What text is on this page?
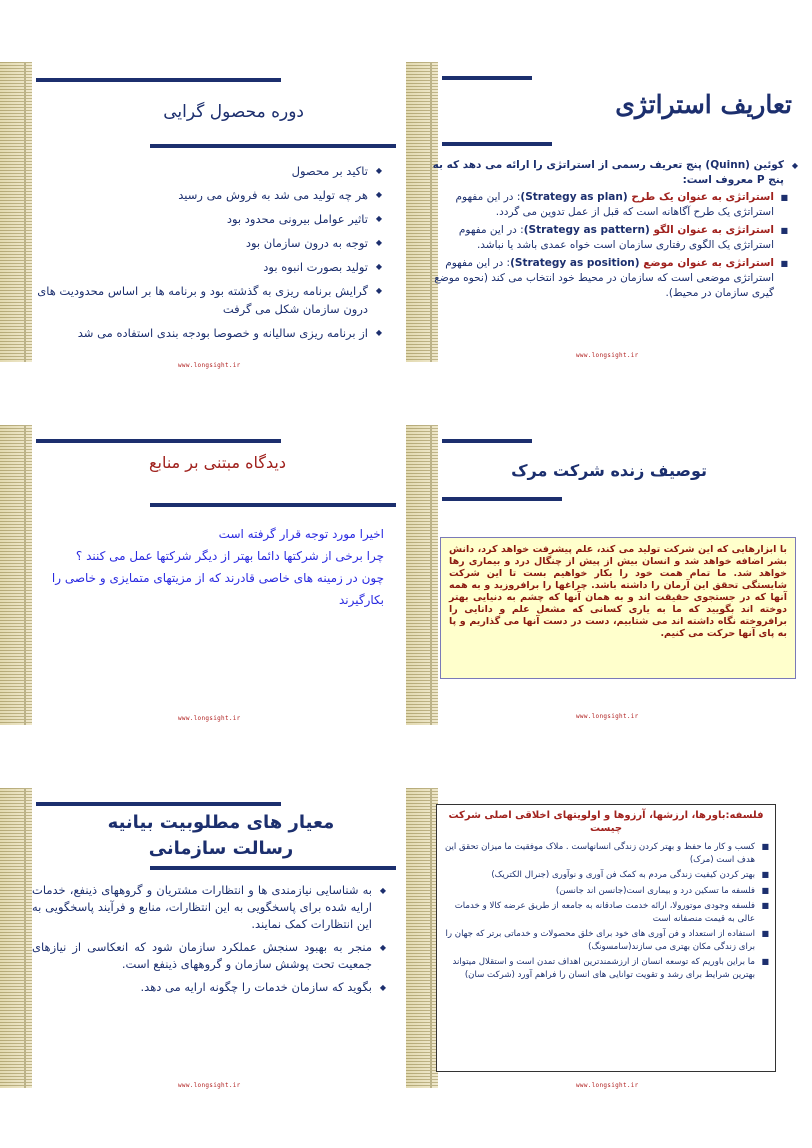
تعاریف استراتژی
◆ کوئین (Quinn) پنج تعریف رسمی از استراتژی را ارائه می دهد که به پنج P معروف است:
■ استراتژی به عنوان یک طرح (Strategy as plan): در این مفهوم استراتژی یک طرح آگاهانه است که قبل از عمل تدوین می گردد.
■ استراتژی به عنوان الگو (Strategy as pattern): در این مفهوم استراتژی یک الگوی رفتاری سازمان است خواه عمدی باشد یا نباشد.
■ استراتژی به عنوان موضع (Strategy as position): در این مفهوم استراتژی موضعی است که سازمان در محیط خود انتخاب می کند (نحوه موضع گیری سازمان در محیط).
www.longsight.ir
دوره محصول گرایی
◆ تاکید بر محصول
◆ هر چه تولید می شد به فروش می رسید
◆ تاثیر عوامل بیرونی محدود بود
◆ توجه به درون سازمان بود
◆ تولید بصورت انبوه بود
◆ گرایش برنامه ریزی به گذشته بود و برنامه ها بر اساس محدودیت های درون سازمان شکل می گرفت
◆ از برنامه ریزی سالیانه و خصوصا بودجه بندی استفاده می شد
www.longsight.ir
توصیف زنده شرکت مرک
با ابزارهایی که این شرکت تولید می کند، علم پیشرفت خواهد کرد، دانش بشر اضافه خواهد شد و انسان بیش از پیش از چنگال درد و بیماری رها خواهد شد. ما تمام همت خود را بکار خواهیم بست تا این شرکت شایستگی تحقق این آرمان را داشته باشد. چراغها را برافروزید و به همه آنها که در جستجوی حقیقت اند و به همان آنها که چشم به دنیایی بهتر دوخته اند بگویید که ما به یاری کسانی که مشعل علم و دانایی را برافروخته نگاه داشته اند می شتابیم، دست در دست آنها می گذاریم و پا به پای آنها حرکت می کنیم.
www.longsight.ir
دیدگاه مبتنی بر منابع
اخیرا مورد توجه قرار گرفته است
چرا برخی از شرکتها دائما بهتر از دیگر شرکتها عمل می کنند ؟
چون در زمینه های خاصی قادرند که از مزیتهای متمایزی و خاصی را بکارگیرند
www.longsight.ir
فلسفه:باورها، ارزشها، آرزوها و اولویتهای اخلاقی اصلی شرکت چیست
■ کسب و کار ما حفظ و بهتر کردن زندگی انسانهاست . ملاک موفقیت ما میزان تحقق این هدف است (مرک)
■ بهتر کردن کیفیت زندگی مردم به کمک فن آوری و نوآوری (جنرال الکتریک)
■ فلسفه ما تسکین درد و بیماری است(جانسن اند جانسن)
■ فلسفه وجودی موتورولا، ارائه خدمت صادقانه به جامعه از طریق عرضه کالا و خدمات عالی به قیمت منصفانه است
■ استفاده از استعداد و فن آوری های خود برای خلق محصولات و خدماتی برتر که جهان را برای زندگی مکان بهتری می سازند(سامسونگ)
■ ما براین باوریم که توسعه انسان از ارزشمندترین اهداف تمدن است و استقلال میتواند بهترین شرایط برای رشد و تقویت توانایی های انسان را فراهم آورد (شرکت سان)
www.longsight.ir
معیار های مطلوبیت بیانیه رسالت سازمانی
◆ به شناسایی نیازمندی ها و انتظارات مشتریان و گروههای ذینفع، خدمات ارایه شده برای پاسخگویی به این انتظارات، منابع و فرآیند پاسخگویی به این انتظارات کمک نمایند.
◆ منجر به بهبود سنجش عملکرد سازمان شود که انعکاسی از نیازهای جمعیت تحت پوشش سازمان و گروههای ذینفع است.
◆ بگوید که سازمان خدمات را چگونه ارایه می دهد.
www.longsight.ir
